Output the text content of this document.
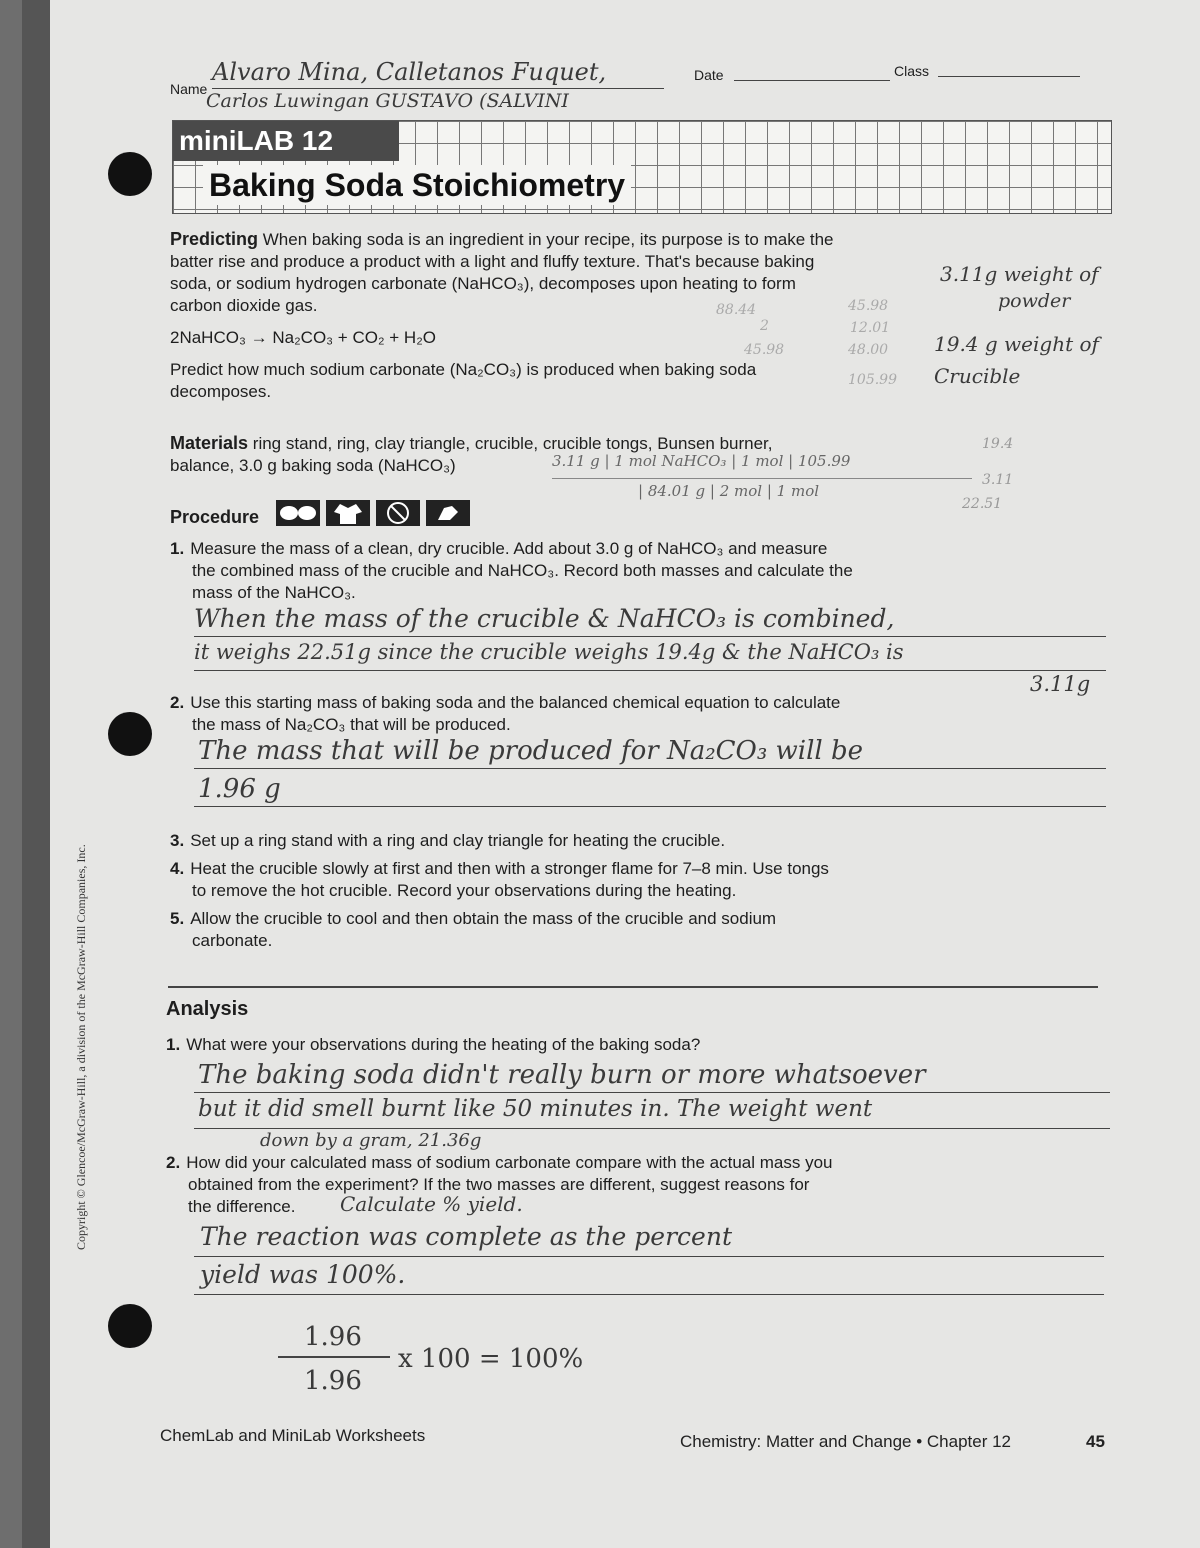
Copyright © Glencoe/McGraw-Hill, a division of the McGraw-Hill Companies, Inc.
Name
Alvaro Mina, Calletanos Fuquet,
Carlos Luwingan GUSTAVO (SALVINI
Date	Class
miniLAB 12
Baking Soda Stoichiometry
Predicting When baking soda is an ingredient in your recipe, its purpose is to make the
batter rise and produce a product with a light and fluffy texture. That's because baking
soda, or sodium hydrogen carbonate (NaHCO₃), decomposes upon heating to form
carbon dioxide gas.
2NaHCO₃ → Na₂CO₃ + CO₂ + H₂O
Predict how much sodium carbonate (Na₂CO₃) is produced when baking soda
decomposes.
3.11g weight of
powder
19.4 g weight of
Crucible
88.44
2
45.98
12.01
48.00
45.98
105.99
Materials ring stand, ring, clay triangle, crucible, crucible tongs, Bunsen burner,
balance, 3.0 g baking soda (NaHCO₃)	3.11 g | 1 mol NaHCO₃ | 1 mol | 105.99
| 84.01 g | 2 mol | 1 mol
19.4
3.11
22.51
Procedure
1. Measure the mass of a clean, dry crucible. Add about 3.0 g of NaHCO₃ and measure
the combined mass of the crucible and NaHCO₃. Record both masses and calculate the
mass of the NaHCO₃.
When the mass of the crucible & NaHCO₃ is combined,
it weighs 22.51g since the crucible weighs 19.4g & the NaHCO₃ is
3.11g
2. Use this starting mass of baking soda and the balanced chemical equation to calculate
the mass of Na₂CO₃ that will be produced.
The mass that will be produced for Na₂CO₃ will be
1.96 g
3. Set up a ring stand with a ring and clay triangle for heating the crucible.
4. Heat the crucible slowly at first and then with a stronger flame for 7–8 min. Use tongs
to remove the hot crucible. Record your observations during the heating.
5. Allow the crucible to cool and then obtain the mass of the crucible and sodium
carbonate.
Analysis
1. What were your observations during the heating of the baking soda?
The baking soda didn't really burn or more whatsoever
but it did smell burnt like 50 minutes in. The weight went
down by a gram, 21.36g
2. How did your calculated mass of sodium carbonate compare with the actual mass you
obtained from the experiment? If the two masses are different, suggest reasons for
the difference.	Calculate % yield.
The reaction was complete as the percent
yield was 100%.
1.96
1.96
x 100 = 100%
ChemLab and MiniLab Worksheets	Chemistry: Matter and Change • Chapter 12	45
